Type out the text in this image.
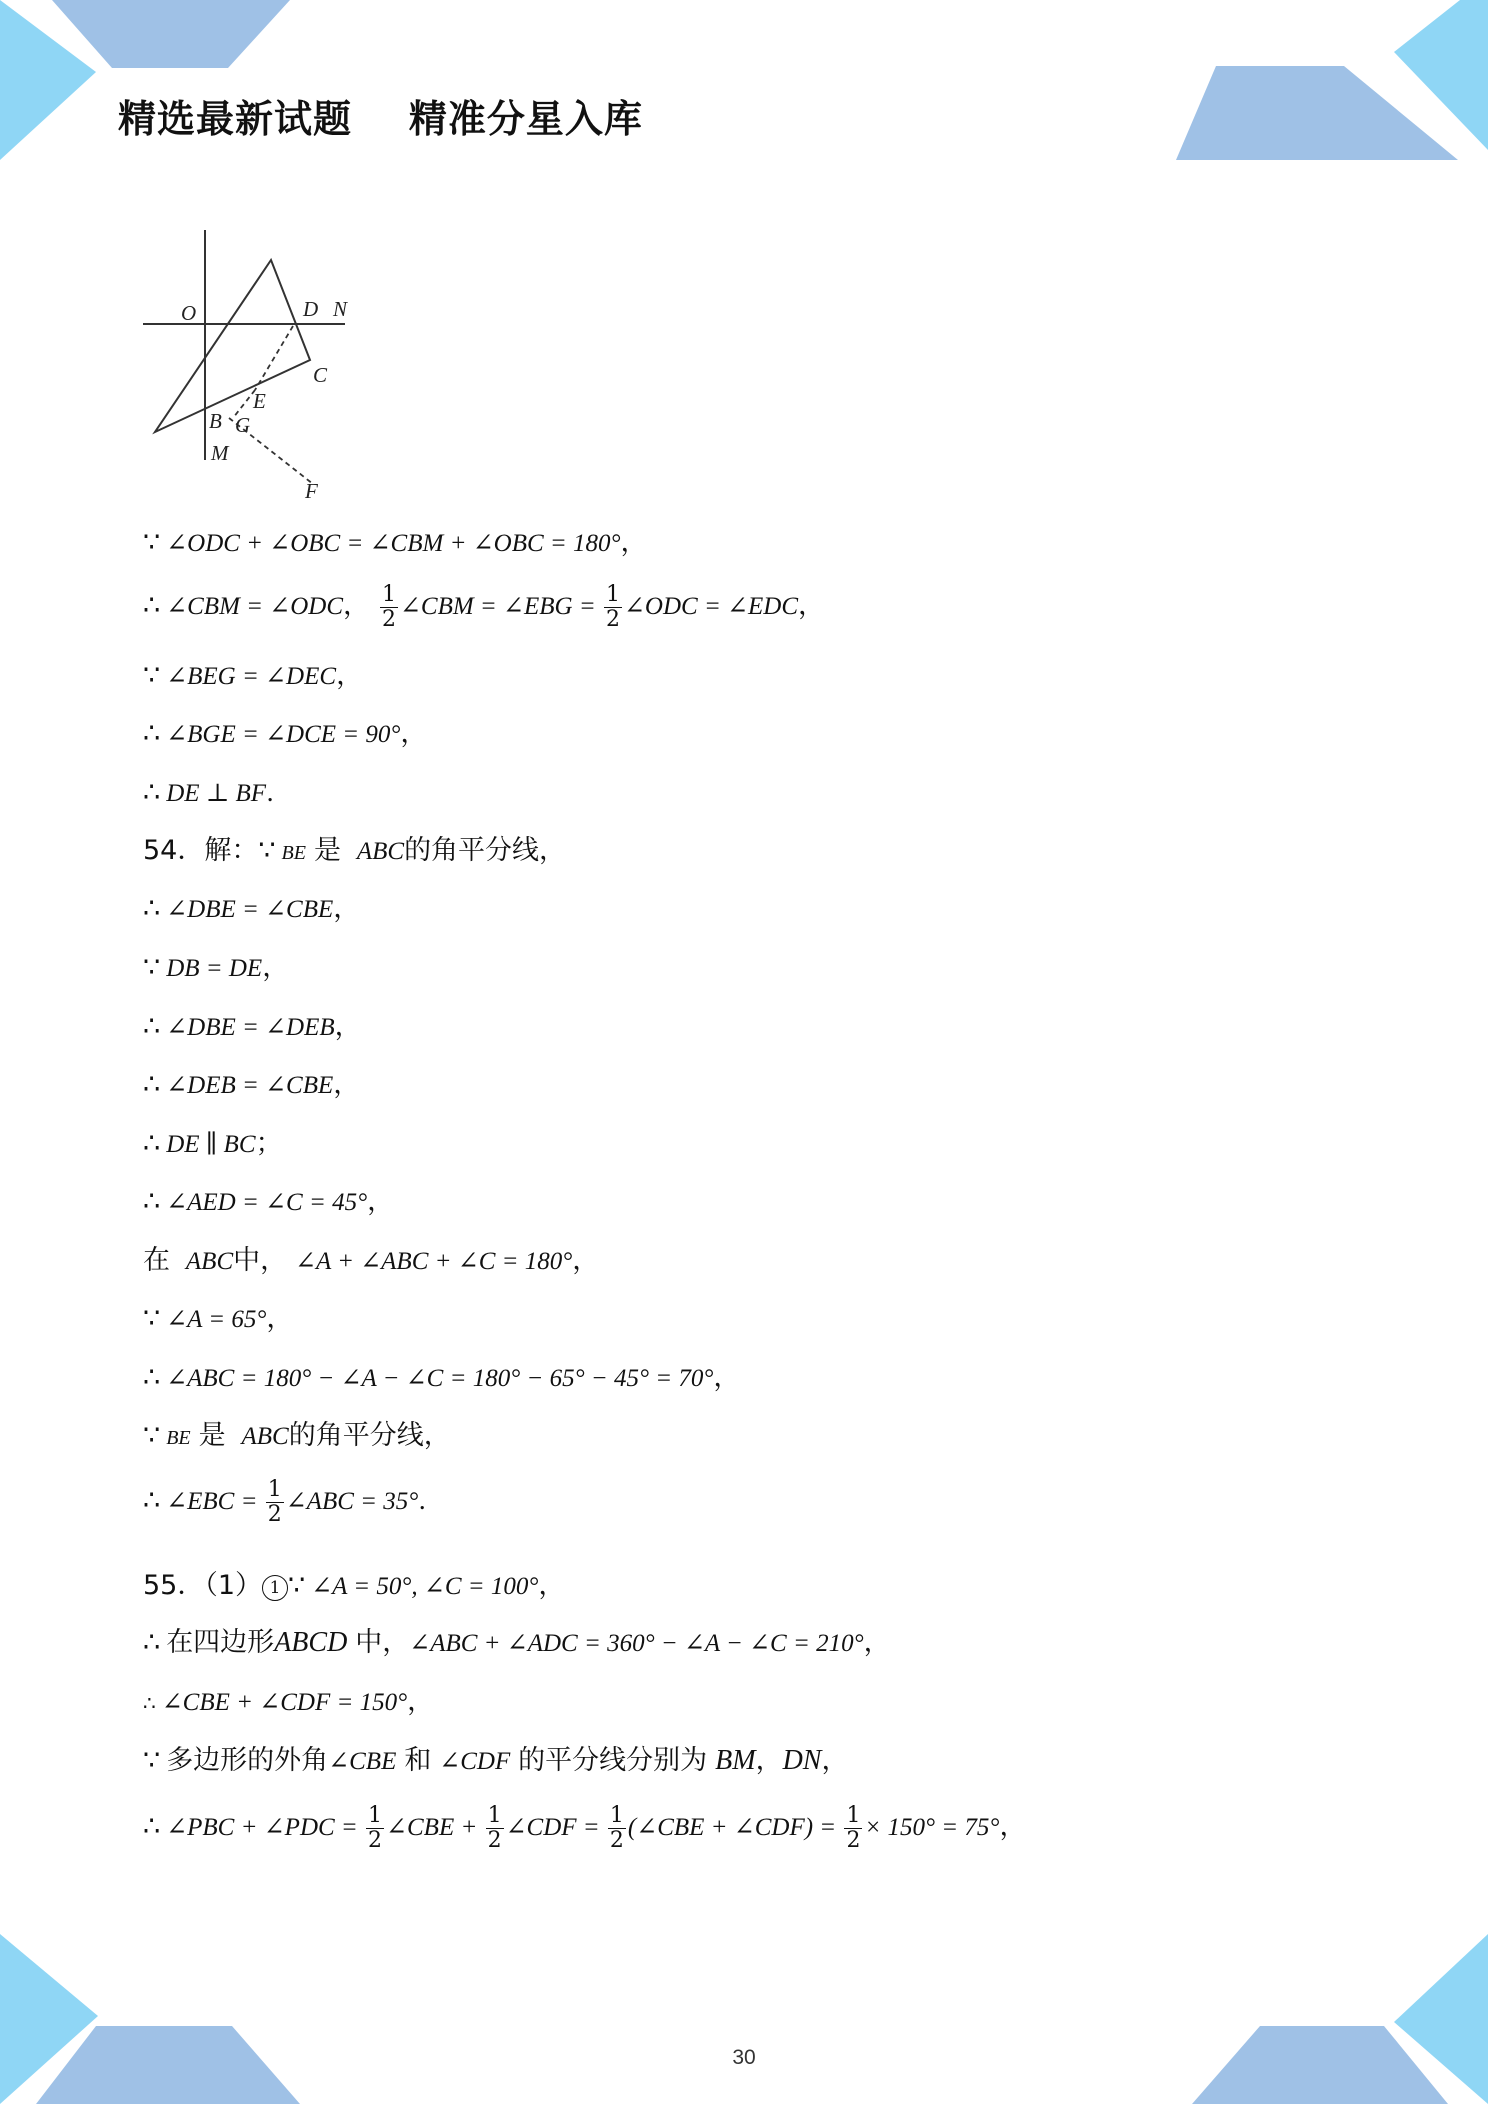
精选最新试题    精准分星入库
O	D N
C
E
B G
M
F
∵ ∠ODC + ∠OBC = ∠CBM + ∠OBC = 180°，
∴ ∠CBM = ∠ODC， $\frac{1}{2}$ ∠CBM = ∠EBG = $\frac{1}{2}$ ∠ODC = ∠EDC，
∵ ∠BEG = ∠DEC，
∴ ∠BGE = ∠DCE = 90°，
∴ DE ⊥ BF.
54．解：∵ BE 是 ABC的角平分线，
∴ ∠DBE = ∠CBE，
∵ DB = DE，
∴ ∠DBE = ∠DEB，
∴ ∠DEB = ∠CBE，
∴ DE ∥ BC；
∴ ∠AED = ∠C = 45°，
在 ABC中， ∠A + ∠ABC + ∠C = 180°，
∵ ∠A = 65°，
∴ ∠ABC = 180° − ∠A − ∠C = 180° − 65° − 45° = 70°，
∵ BE 是 ABC的角平分线，
∴ ∠EBC = $\frac{1}{2}$ ∠ABC = 35°.
55．（1） 1 ∵ ∠A = 50°, ∠C = 100°，
∴ 在四边形ABCD 中，∠ABC + ∠ADC = 360° − ∠A − ∠C = 210°，
∴ ∠CBE + ∠CDF = 150°，
∵ 多边形的外角∠CBE 和 ∠CDF 的平分线分别为 BM，DN，
∴ ∠PBC + ∠PDC = $\frac{1}{2}$ ∠CBE + $\frac{1}{2}$ ∠CDF = $\frac{1}{2}$ (∠CBE + ∠CDF) = $\frac{1}{2} \times 150^\circ = 75^\circ$，
30
